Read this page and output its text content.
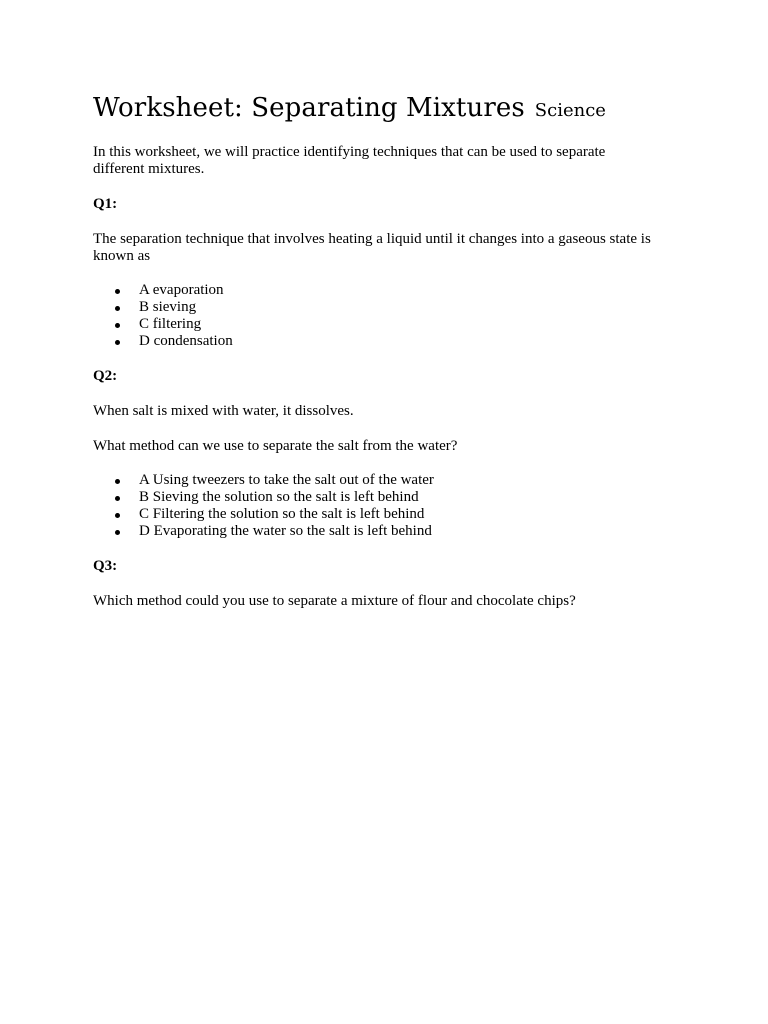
Worksheet: Separating Mixtures Science

In this worksheet, we will practice identifying techniques that can be used to separate different mixtures.

Q1:

The separation technique that involves heating a liquid until it changes into a gaseous state is known as

A evaporation
B sieving
C filtering
D condensation

Q2:

When salt is mixed with water, it dissolves.

What method can we use to separate the salt from the water?

A Using tweezers to take the salt out of the water
B Sieving the solution so the salt is left behind
C Filtering the solution so the salt is left behind
D Evaporating the water so the salt is left behind

Q3:

Which method could you use to separate a mixture of flour and chocolate chips?
